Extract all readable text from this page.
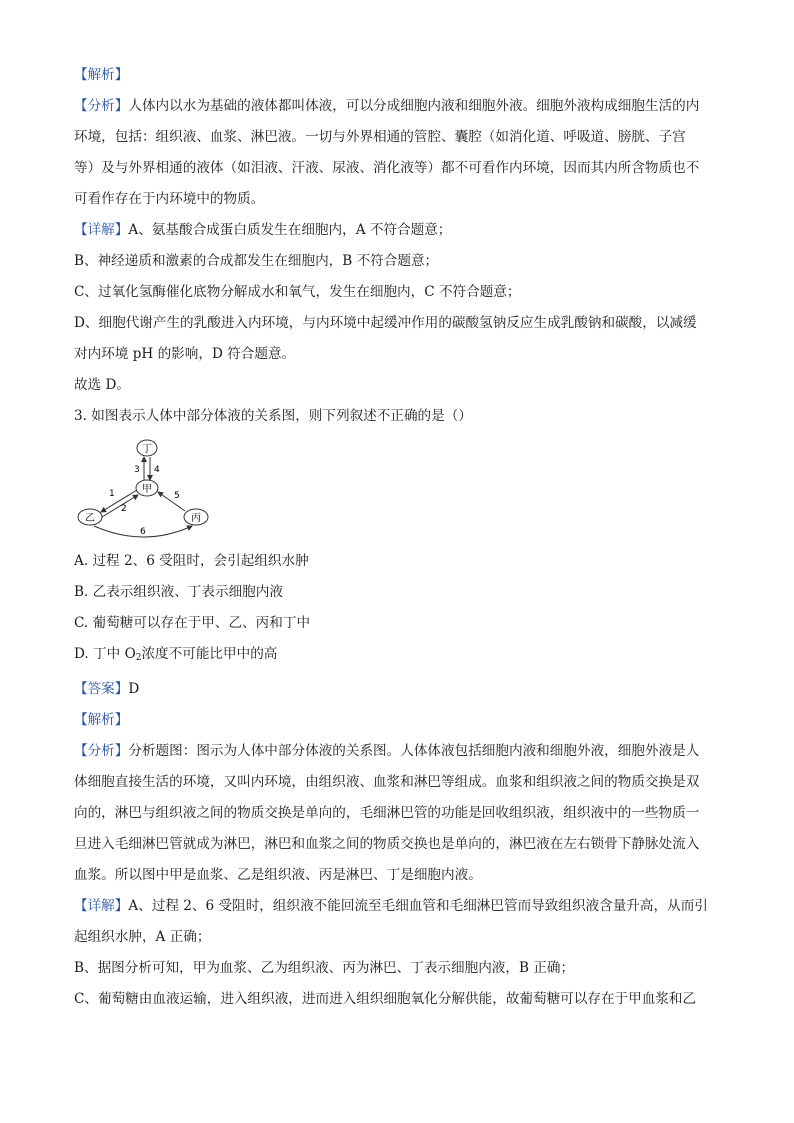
【解析】
【分析】人体内以水为基础的液体都叫体液，可以分成细胞内液和细胞外液。细胞外液构成细胞生活的内
环境，包括：组织液、血浆、淋巴液。一切与外界相通的管腔、囊腔（如消化道、呼吸道、膀胱、子宫
等）及与外界相通的液体（如泪液、汗液、尿液、消化液等）都不可看作内环境，因而其内所含物质也不
可看作存在于内环境中的物质。
【详解】A、氨基酸合成蛋白质发生在细胞内，A 不符合题意；
B、神经递质和激素的合成都发生在细胞内，B 不符合题意；
C、过氧化氢酶催化底物分解成水和氧气，发生在细胞内，C 不符合题意；
D、细胞代谢产生的乳酸进入内环境，与内环境中起缓冲作用的碳酸氢钠反应生成乳酸钠和碳酸，以减缓
对内环境 pH 的影响，D 符合题意。
故选 D。
3. 如图表示人体中部分体液的关系图，则下列叙述不正确的是（）
丁
甲
乙	丙
3 4
1
2
5
6
A. 过程 2、6 受阻时，会引起组织水肿
B. 乙表示组织液、丁表示细胞内液
C. 葡萄糖可以存在于甲、乙、丙和丁中
D. 丁中 $O_2$浓度不可能比甲中的高
【答案】D
【解析】
【分析】分析题图：图示为人体中部分体液的关系图。人体体液包括细胞内液和细胞外液，细胞外液是人
体细胞直接生活的环境，又叫内环境，由组织液、血浆和淋巴等组成。血浆和组织液之间的物质交换是双
向的，淋巴与组织液之间的物质交换是单向的，毛细淋巴管的功能是回收组织液，组织液中的一些物质一
旦进入毛细淋巴管就成为淋巴，淋巴和血浆之间的物质交换也是单向的，淋巴液在左右锁骨下静脉处流入
血浆。所以图中甲是血浆、乙是组织液、丙是淋巴、丁是细胞内液。
【详解】A、过程 2、6 受阻时，组织液不能回流至毛细血管和毛细淋巴管而导致组织液含量升高，从而引
起组织水肿，A 正确；
B、据图分析可知，甲为血浆、乙为组织液、丙为淋巴、丁表示细胞内液，B 正确；
C、葡萄糖由血液运输，进入组织液，进而进入组织细胞氧化分解供能，故葡萄糖可以存在于甲血浆和乙
